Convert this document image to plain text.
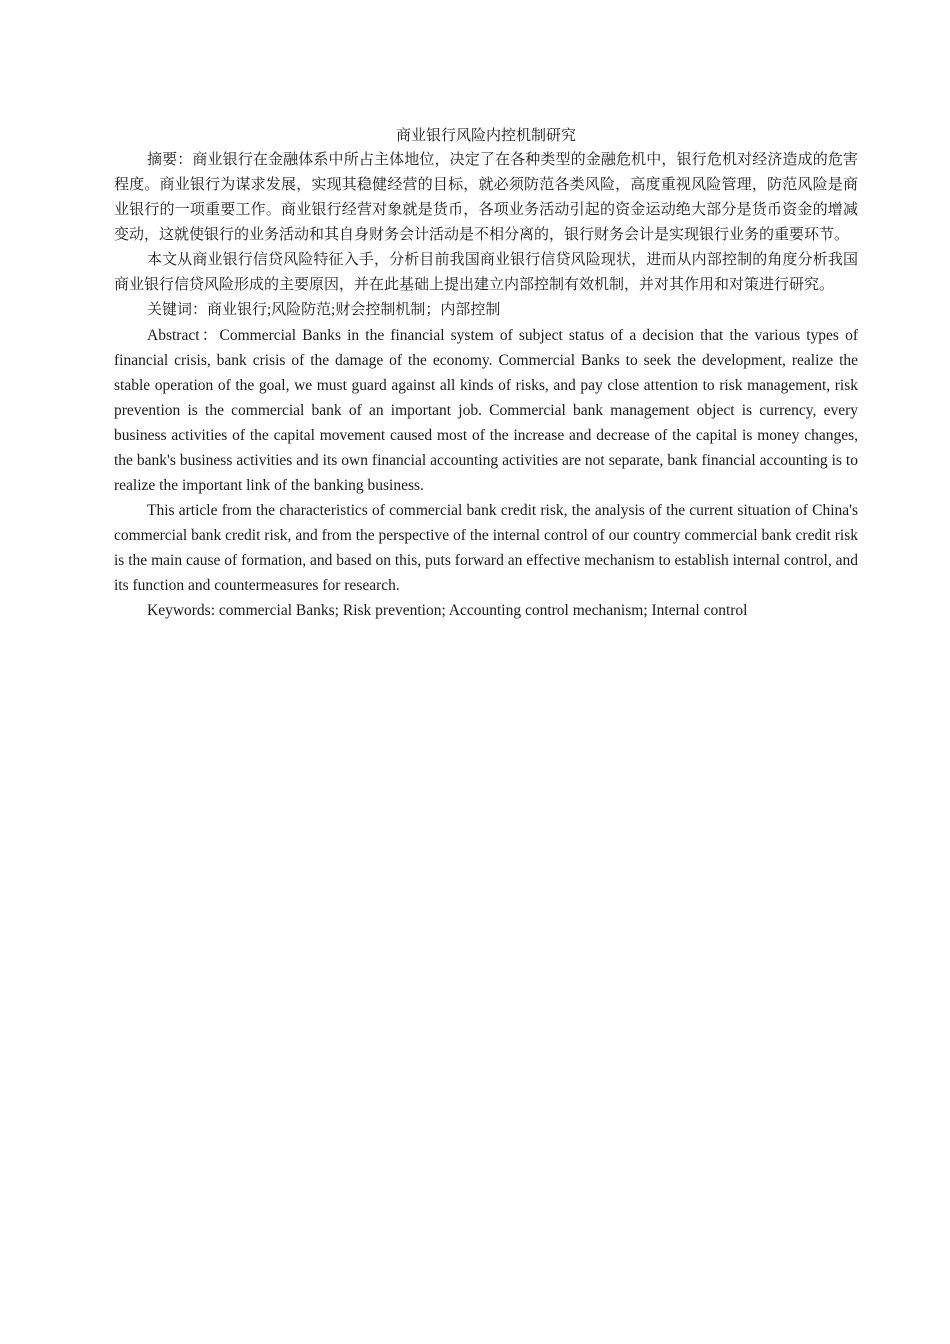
商业银行风险内控机制研究

摘要：商业银行在金融体系中所占主体地位，决定了在各种类型的金融危机中，银行危机对经济造成的危害程度。商业银行为谋求发展，实现其稳健经营的目标，就必须防范各类风险，高度重视风险管理，防范风险是商业银行的一项重要工作。商业银行经营对象就是货币，各项业务活动引起的资金运动绝大部分是货币资金的增减变动，这就使银行的业务活动和其自身财务会计活动是不相分离的，银行财务会计是实现银行业务的重要环节。

本文从商业银行信贷风险特征入手，分析目前我国商业银行信贷风险现状，进而从内部控制的角度分析我国商业银行信贷风险形成的主要原因，并在此基础上提出建立内部控制有效机制，并对其作用和对策进行研究。

关键词：商业银行;风险防范;财会控制机制；内部控制

Abstract：Commercial Banks in the financial system of subject status of a decision that the various types of financial crisis, bank crisis of the damage of the economy. Commercial Banks to seek the development, realize the stable operation of the goal, we must guard against all kinds of risks, and pay close attention to risk management, risk prevention is the commercial bank of an important job. Commercial bank management object is currency, every business activities of the capital movement caused most of the increase and decrease of the capital is money changes, the bank's business activities and its own financial accounting activities are not separate, bank financial accounting is to realize the important link of the banking business.

This article from the characteristics of commercial bank credit risk, the analysis of the current situation of China's commercial bank credit risk, and from the perspective of the internal control of our country commercial bank credit risk is the main cause of formation, and based on this, puts forward an effective mechanism to establish internal control, and its function and countermeasures for research.

Keywords: commercial Banks; Risk prevention; Accounting control mechanism; Internal control
